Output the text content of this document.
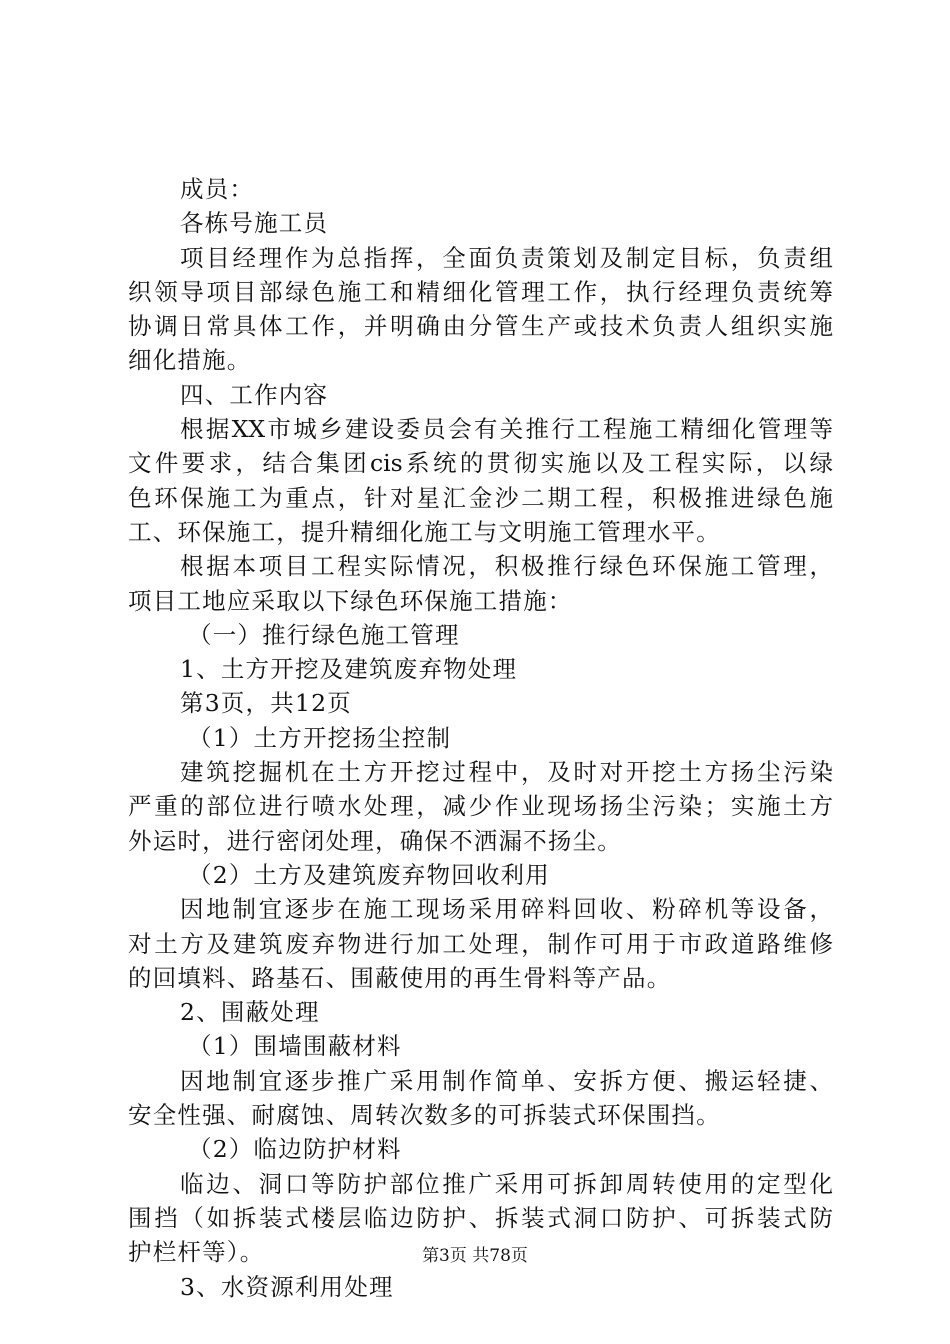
成员：
各栋号施工员
项目经理作为总指挥，全面负责策划及制定目标，负责组
织领导项目部绿色施工和精细化管理工作，执行经理负责统筹
协调日常具体工作，并明确由分管生产或技术负责人组织实施
细化措施。
四、工作内容
根据XX市城乡建设委员会有关推行工程施工精细化管理等
文件要求，结合集团cis系统的贯彻实施以及工程实际，以绿
色环保施工为重点，针对星汇金沙二期工程，积极推进绿色施
工、环保施工，提升精细化施工与文明施工管理水平。
根据本项目工程实际情况，积极推行绿色环保施工管理，
项目工地应采取以下绿色环保施工措施：
（一）推行绿色施工管理
1、土方开挖及建筑废弃物处理
第3页，共12页
（1）土方开挖扬尘控制
建筑挖掘机在土方开挖过程中，及时对开挖土方扬尘污染
严重的部位进行喷水处理，减少作业现场扬尘污染；实施土方
外运时，进行密闭处理，确保不洒漏不扬尘。
（2）土方及建筑废弃物回收利用
因地制宜逐步在施工现场采用碎料回收、粉碎机等设备，
对土方及建筑废弃物进行加工处理，制作可用于市政道路维修
的回填料、路基石、围蔽使用的再生骨料等产品。
2、围蔽处理
（1）围墙围蔽材料
因地制宜逐步推广采用制作简单、安拆方便、搬运轻捷、
安全性强、耐腐蚀、周转次数多的可拆装式环保围挡。
（2）临边防护材料
临边、洞口等防护部位推广采用可拆卸周转使用的定型化
围挡（如拆装式楼层临边防护、拆装式洞口防护、可拆装式防
护栏杆等）。
3、水资源利用处理
第3页 共78页
